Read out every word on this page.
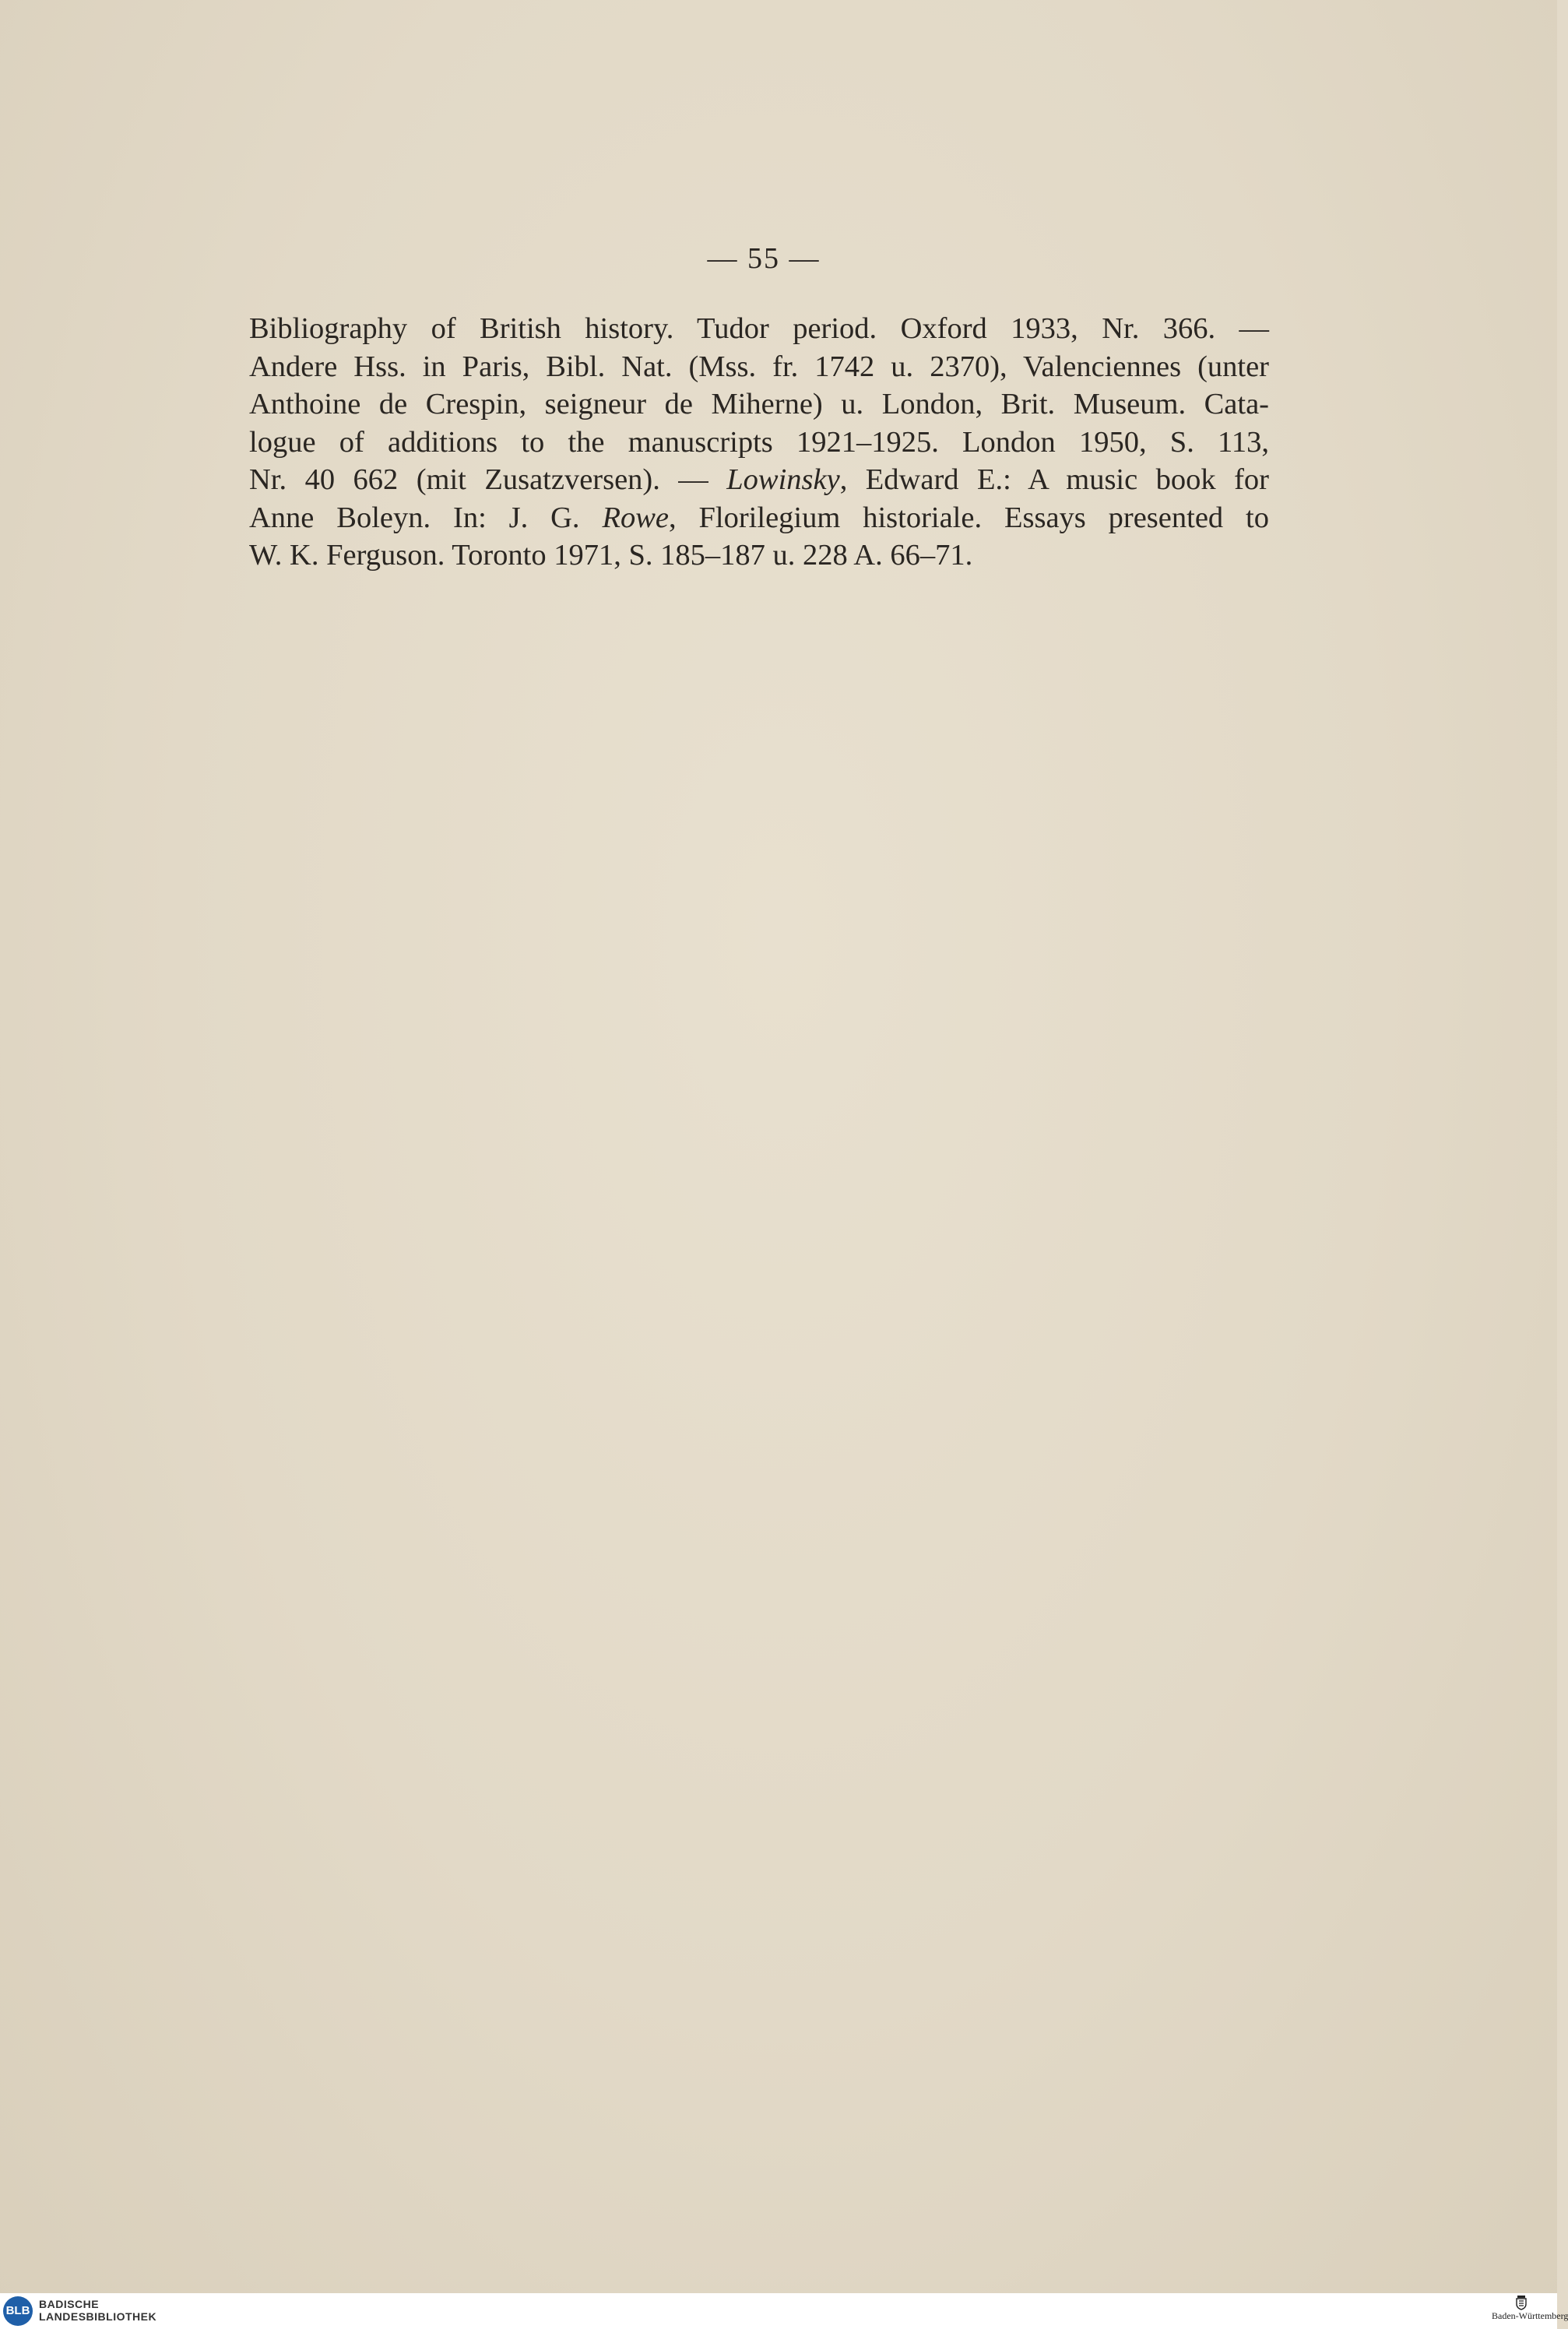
— 55 —
Bibliography of British history. Tudor period. Oxford 1933, Nr. 366. —
Andere Hss. in Paris, Bibl. Nat. (Mss. fr. 1742 u. 2370), Valenciennes (unter
Anthoine de Crespin, seigneur de Miherne) u. London, Brit. Museum. Cata-
logue of additions to the manuscripts 1921–1925. London 1950, S. 113,
Nr. 40 662 (mit Zusatzversen). — Lowinsky, Edward E.: A music book for
Anne Boleyn. In: J. G. Rowe, Florilegium historiale. Essays presented to
W. K. Ferguson. Toronto 1971, S. 185–187 u. 228 A. 66–71.
BLB BADISCHE
LANDESBIBLIOTHEK	Baden-Württemberg
